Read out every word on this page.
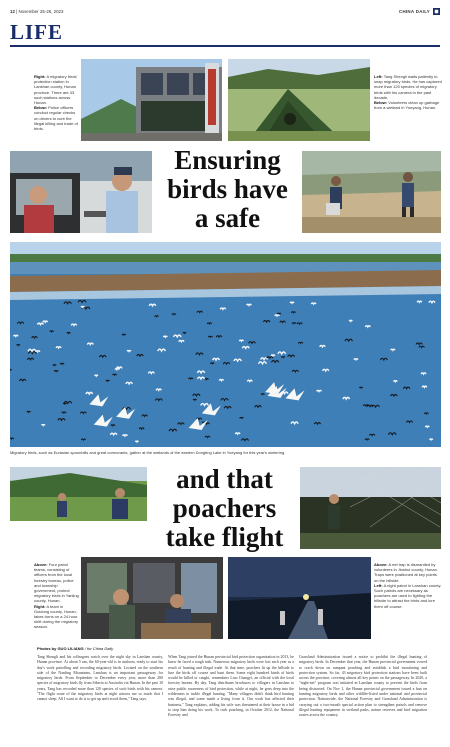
12 | November 25-26, 2023	CHINA DAILY
LIFE
Right: A migratory birds' protection station in Lanshan county, Hunan province. There are 43 such stations across Hunan.
Below: Police officers conduct regular checks on drivers to curb the illegal killing and trade of birds.
Left: Tang Shengli waits patiently to snap migratory birds. He has captured more than 120 species of migratory birds with his camera in the past decade.
Below: Volunteers clean up garbage from a wetland in Yueyang, Hunan.
Ensuring birds have a safe
Migratory birds, such as Eurasian spoonbills and great cormorants, gather at the wetlands of the eastern Dongting Lake in Yueyang for this year's wintering.
and that poachers take flight
Above: Four patrol teams, consisting of officers from the local forestry bureau, police and township government, protect migratory birds in Yanling county, Hunan.
Right: A team in Guidong county, Hunan, takes turns on a 24-hour shift during the migratory season.
Above: A net trap is dismantled by volunteers in Jinshui county, Hunan. Traps were positioned at key points on the hillside.
Left: A night patrol in Lanshan county. Such patrols are necessary as poachers are used to lighting the hillside to attract the birds and lure them off course.
Photos by GUO LILIANG / for China Daily
Tang Shengli and his colleagues watch over the night sky in Lanshan county, Hunan province. At about 5 am, the 60-year-old is in uniform, ready to start his day's work patrolling and recording migratory birds. Located on the southern side of the Nanling Mountains, Lanshan is an important passageway for migratory birds. From September to December every year, more than 200 species of migratory birds fly from Siberia to Australia via Hunan. In the past 10 years, Tang has recorded more than 120 species of such birds with his camera. "The flight route of the migratory birds at night attracts me so much that I cannot sleep. All I want to do is to get up and record them," Tang says.
When Tang joined the Hunan provincial bird protection organization in 2013, he knew he faced a tough task. Numerous migratory birds were lost each year as a result of hunting and illegal trade. At that time, poachers lit up the hillside to lure the birds off course and hunt them. Some eight hundred kinds of birds would be killed or caught, remembers Liao Changyi, an official with the local forestry bureau. By day, Tang distributes brochures to villagers in Lanshan to raise public awareness of bird protection, while at night, he goes deep into the wilderness to tackle illegal hunting. "Many villagers didn't think bird hunting was illegal, and some made a living from it. Our work has affected their business," Tang explains, adding his wife was threatened at their house in a bid to stop him doing his work. To curb poaching, in October 2012, the National Forestry and
Grassland Administration issued a notice to prohibit the illegal hunting of migratory birds. In December that year, the Hunan provincial government vowed to crack down on rampant poaching and establish a bird monitoring and protection system. So far, 43 migratory bird protection stations have been built across the province, covering almost all key points on the passageway. In 2020, a "night-net" program was initiated in Lanshan county to prevent the birds from being distracted. On Nov 1, the Hunan provincial government issued a ban on hunting migratory birds and other wildlife-listed under national and provincial protection. Nationwide, the National Forestry and Grassland Administration is carrying out a two-month special action plan to strengthen patrols and remove illegal hunting equipment in wetland parks, nature reserves and bird migration routes across the country.
